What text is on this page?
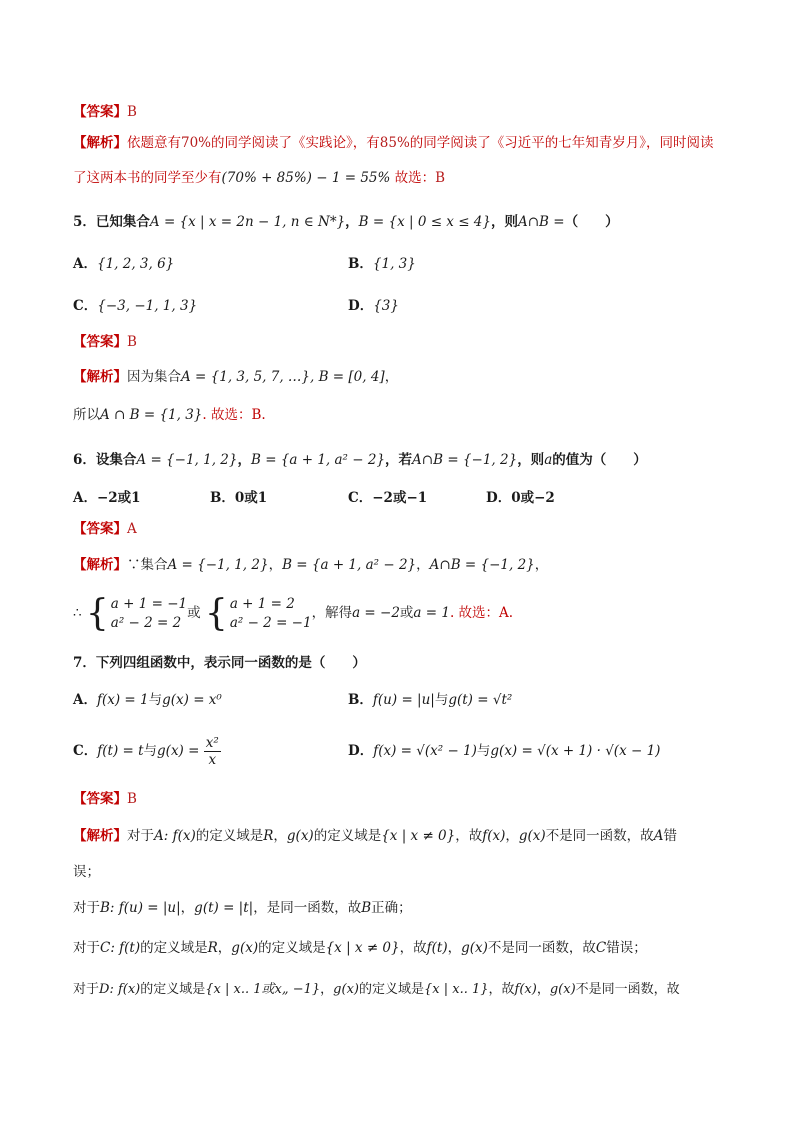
【答案】B
【解析】依题意有70%的同学阅读了《实践论》，有85%的同学阅读了《习近平的七年知青岁月》，同时阅读
了这两本书的同学至少有(70% + 85%) − 1 = 55% 故选：B
5．已知集合A = {x | x = 2n − 1, n ∈ N*}，B = {x | 0 ≤ x ≤ 4}，则A∩B =（　　）
A．{1, 2, 3, 6}	B．{1, 3}
C．{−3, −1, 1, 3}	D．{3}
【答案】B
【解析】因为集合A = {1, 3, 5, 7, …}, B = [0, 4]，
所以A ∩ B = {1, 3}. 故选：B.
6．设集合A = {−1, 1, 2}，B = {a + 1, a² − 2}，若A∩B = {−1, 2}，则a的值为（　　）
A．−2或1	B．0或1	C．−2或−1	D．0或−2
【答案】A
【解析】∵集合A = {−1, 1, 2}，B = {a + 1, a² − 2}，A∩B = {−1, 2}，
∴ { a + 1 = −1
a² − 2 = 2
或 { a + 1 = 2
a² − 2 = −1
，解得a = −2或a = 1. 故选：A.
7．下列四组函数中，表示同一函数的是（　　）
A．f(x) = 1与g(x) = x⁰	B．f(u) = |u|与g(t) = √t²
C．f(t) = t与$g(x) = \frac{\text{x²}}{x}$	D．f(x) = √(x² − 1)与g(x) = √(x + 1) · √(x − 1)
【答案】B
【解析】对于A: f(x)的定义域是R，g(x)的定义域是{x | x ≠ 0}，故f(x)，g(x)不是同一函数，故A错
误；
对于B: f(u) = |u|，g(t) = |t|，是同一函数，故B正确；
对于C: f(t)的定义域是R，g(x)的定义域是{x | x ≠ 0}，故f(t)，g(x)不是同一函数，故C错误；
对于D: f(x)的定义域是{x | x.. 1或x„ −1}，g(x)的定义域是{x | x.. 1}，故f(x)，g(x)不是同一函数，故
